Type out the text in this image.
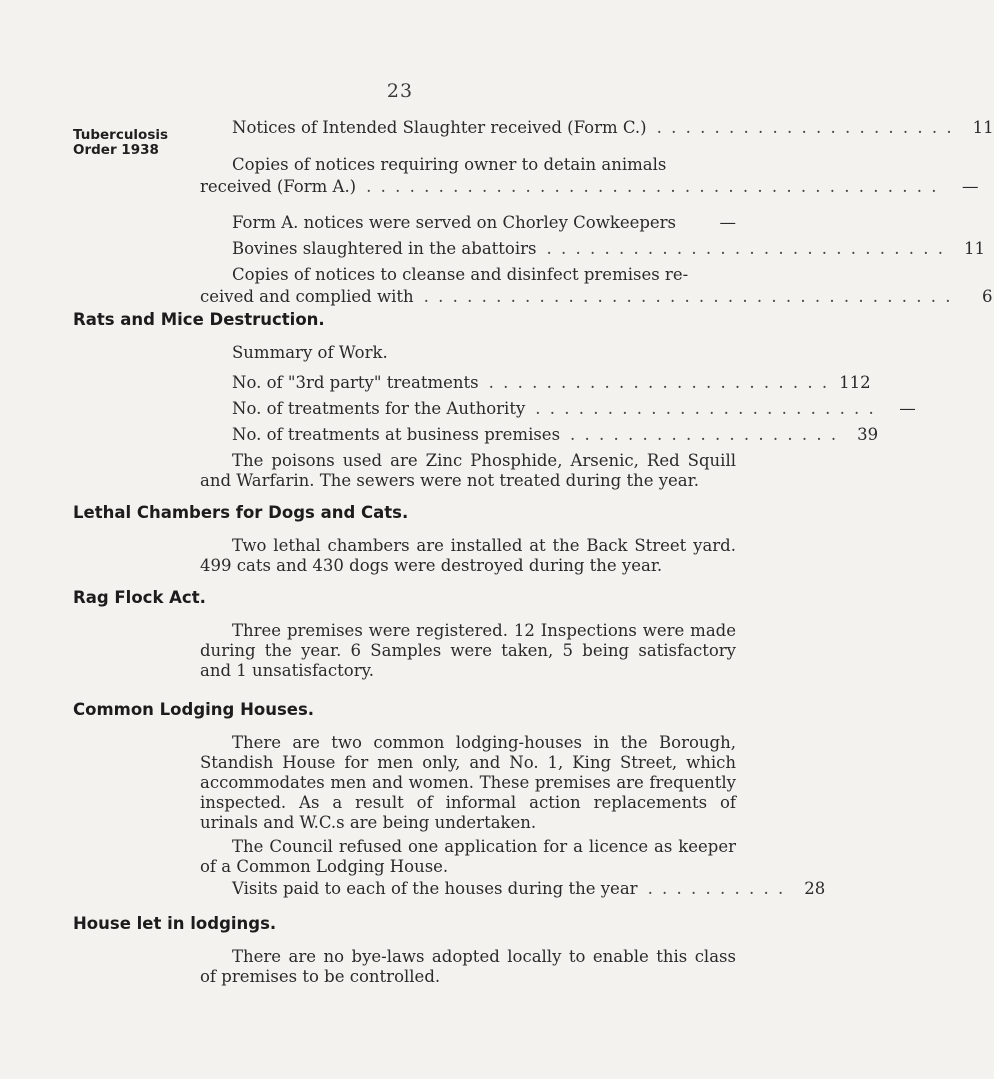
23
Tuberculosis Order 1938
Notices of Intended Slaughter received (Form C.) . . . . . . . . . . . . . . . . . . . . .	11
Copies of notices requiring owner to detain animals
received (Form A.) . . . . . . . . . . . . . . . . . . . . . . . . . . . . . . . . . . . . . . . .	—
Form A. notices were served on Chorley Cowkeepers	—
Bovines slaughtered in the abattoirs . . . . . . . . . . . . . . . . . . . . . . . . . . . .	11
Copies of notices to cleanse and disinfect premises re-
ceived and complied with . . . . . . . . . . . . . . . . . . . . . . . . . . . . . . . . . . . . .	6
Rats and Mice Destruction.
Summary of Work.
No. of "3rd party" treatments . . . . . . . . . . . . . . . . . . . . . . . . 112
No. of treatments for the Authority . . . . . . . . . . . . . . . . . . . . . . . .	—
No. of treatments at business premises . . . . . . . . . . . . . . . . . . .	39
The poisons used are Zinc Phosphide, Arsenic, Red Squill and Warfarin. The sewers were not treated during the year.
Lethal Chambers for Dogs and Cats.
Two lethal chambers are installed at the Back Street yard. 499 cats and 430 dogs were destroyed during the year.
Rag Flock Act.
Three premises were registered. 12 Inspections were made during the year. 6 Samples were taken, 5 being satisfactory and 1 unsatisfactory.
Common Lodging Houses.
There are two common lodging-houses in the Borough, Standish House for men only, and No. 1, King Street, which accommodates men and women. These premises are frequently inspected. As a result of informal action replacements of urinals and W.C.s are being undertaken.
The Council refused one application for a licence as keeper of a Common Lodging House.
Visits paid to each of the houses during the year . . . . . . . . . .	28
House let in lodgings.
There are no bye-laws adopted locally to enable this class of premises to be controlled.
